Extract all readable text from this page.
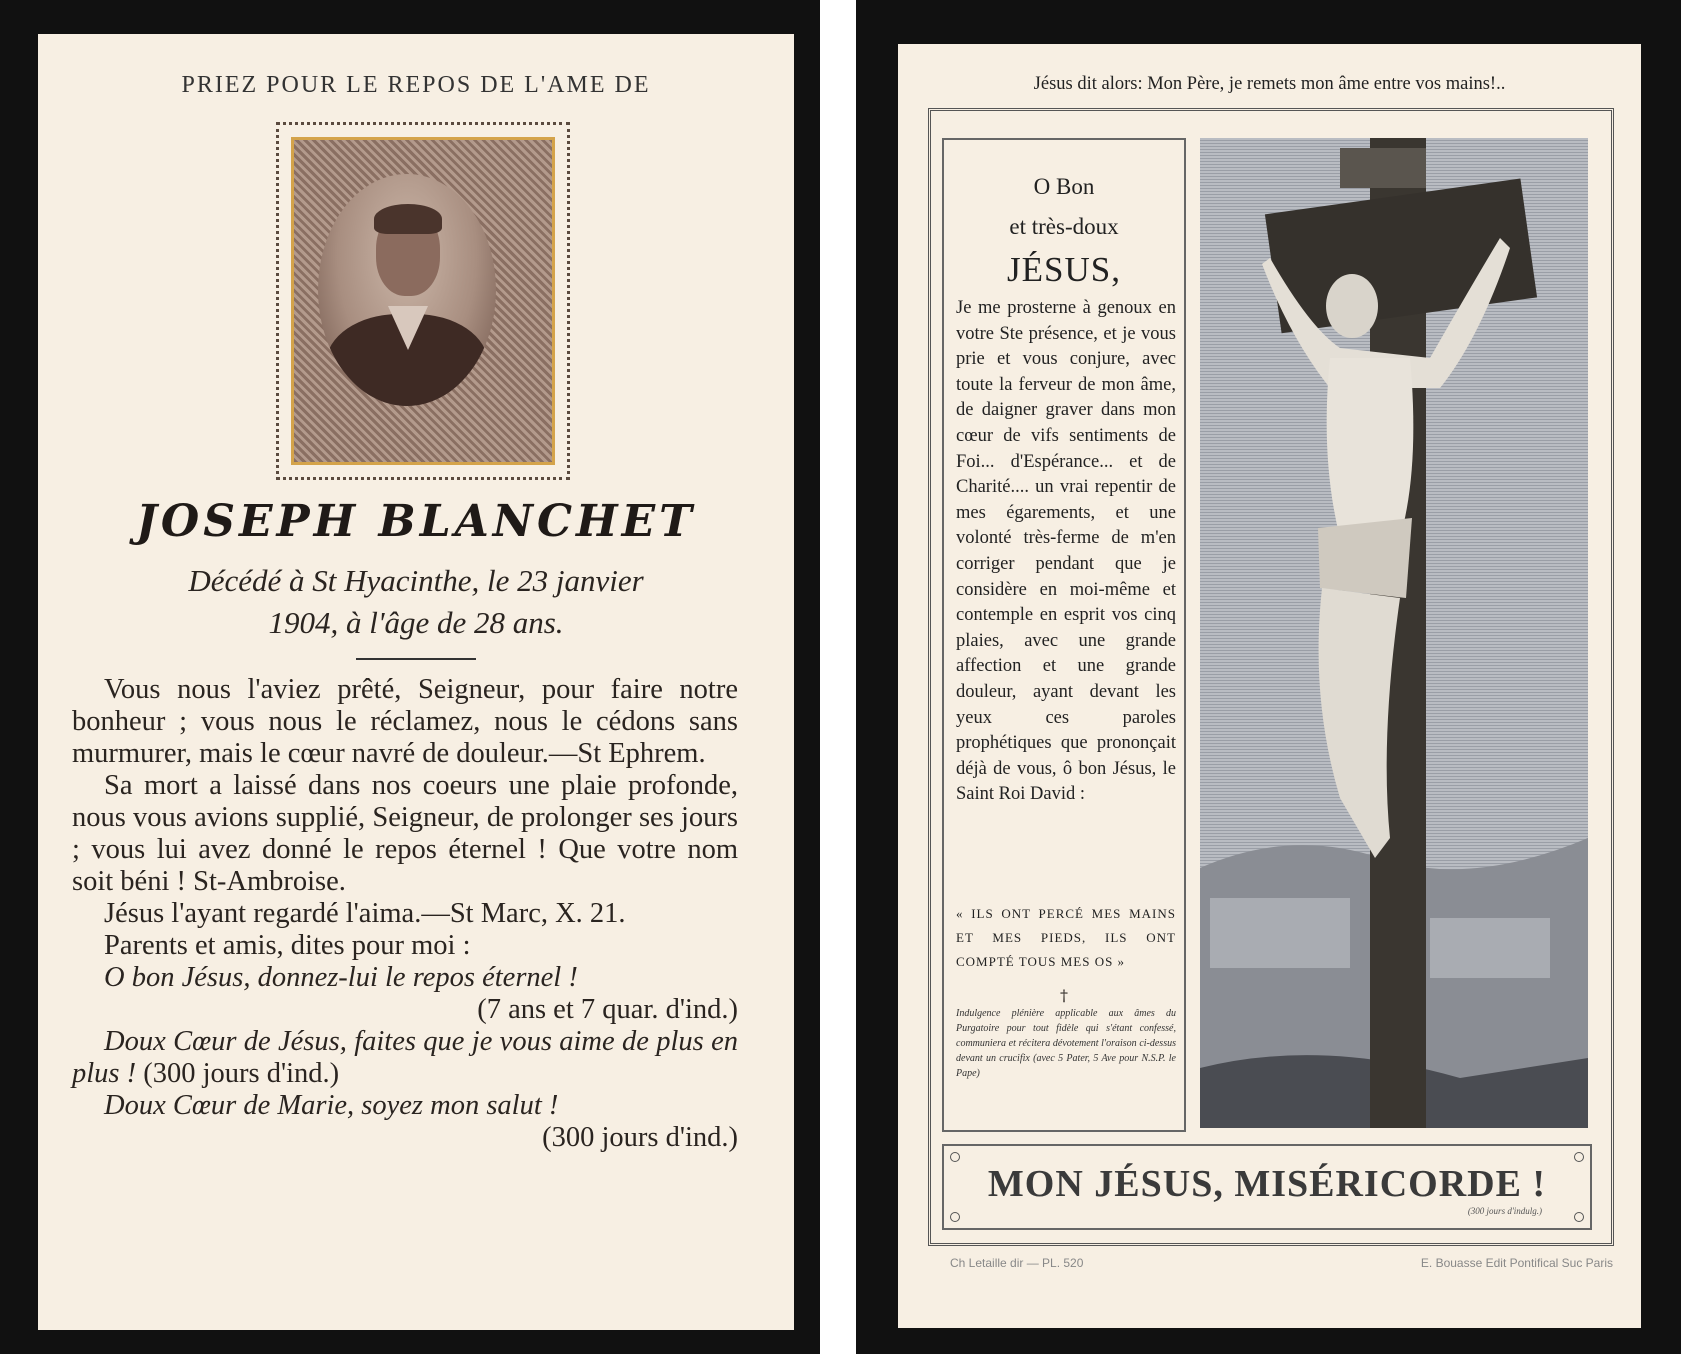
PRIEZ POUR LE REPOS DE L'AME DE
JOSEPH BLANCHET
Décédé à St Hyacinthe, le 23 janvier
1904, à l'âge de 28 ans.

Vous nous l'aviez prêté, Seigneur, pour faire notre bonheur ; vous nous le réclamez, nous le cédons sans murmurer, mais le cœur navré de douleur.—St Ephrem.

Sa mort a laissé dans nos coeurs une plaie profonde, nous vous avions supplié, Seigneur, de prolonger ses jours ; vous lui avez donné le repos éternel ! Que votre nom soit béni ! St-Ambroise.

Jésus l'ayant regardé l'aima.—St Marc, X. 21.

Parents et amis, dites pour moi :

O bon Jésus, donnez-lui le repos éternel !

(7 ans et 7 quar. d'ind.)

Doux Cœur de Jésus, faites que je vous aime de plus en plus ! (300 jours d'ind.)

Doux Cœur de Marie, soyez mon salut !

(300 jours d'ind.)
Jésus dit alors: Mon Père, je remets mon âme entre vos mains!..
O Bon
et très-doux
JÉSUS,
Je me prosterne à genoux en votre Ste présence, et je vous prie et vous conjure, avec toute la ferveur de mon âme, de daigner graver dans mon cœur de vifs sentiments de Foi... d'Espérance... et de Charité.... un vrai repentir de mes égarements, et une volonté très-ferme de m'en corriger pendant que je considère en moi-même et contemple en esprit vos cinq plaies, avec une grande affection et une grande douleur, ayant devant les yeux ces paroles prophétiques que prononçait déjà de vous, ô bon Jésus, le Saint Roi David :
« ILS ONT PERCÉ MES MAINS ET MES PIEDS, ILS ONT COMPTÉ TOUS MES OS »
†
Indulgence plénière applicable aux âmes du Purgatoire pour tout fidèle qui s'étant confessé, communiera et récitera dévotement l'oraison ci-dessus devant un crucifix (avec 5 Pater, 5 Ave pour N.S.P. le Pape)
MON JÉSUS, MISÉRICORDE !
(300 jours d'indulg.)
Ch Letaille dir — PL. 520	E. Bouasse Edit Pontifical Suc Paris
